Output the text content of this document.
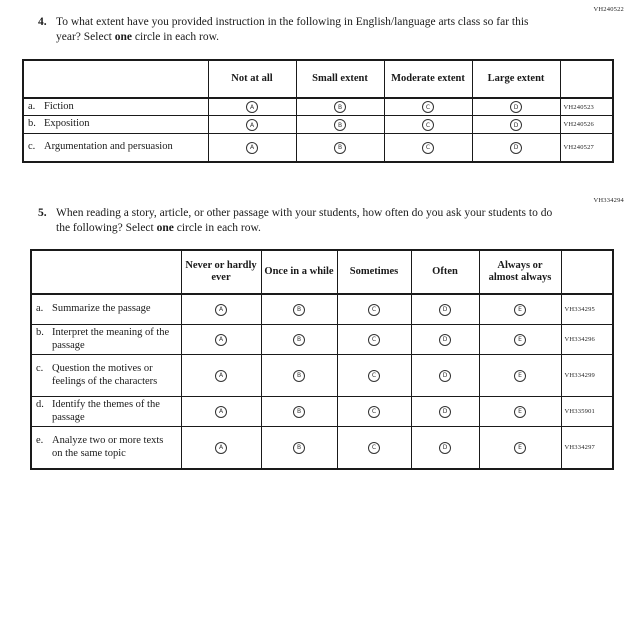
VH240522
4. To what extent have you provided instruction in the following in English/language arts class so far this year? Select one circle in each row.
	Not at all	Small extent	Moderate extent	Large extent	

a. Fiction	A	B	C	D	VH240523

b. Exposition	A	B	C	D	VH240526

c. Argumentation and persuasion	A	B	C	D	VH240527
VH334294
5. When reading a story, article, or other passage with your students, how often do you ask your students to do the following? Select one circle in each row.
	Never or hardly ever	Once in a while	Sometimes	Often	Always or almost always	

a. Summarize the passage	A	B	C	D	E	VH334295

b. Interpret the meaning of the passage	A	B	C	D	E	VH334296

c. Question the motives or feelings of the characters	A	B	C	D	E	VH334299

d. Identify the themes of the passage	A	B	C	D	E	VH335901

e. Analyze two or more texts on the same topic	A	B	C	D	E	VH334297
